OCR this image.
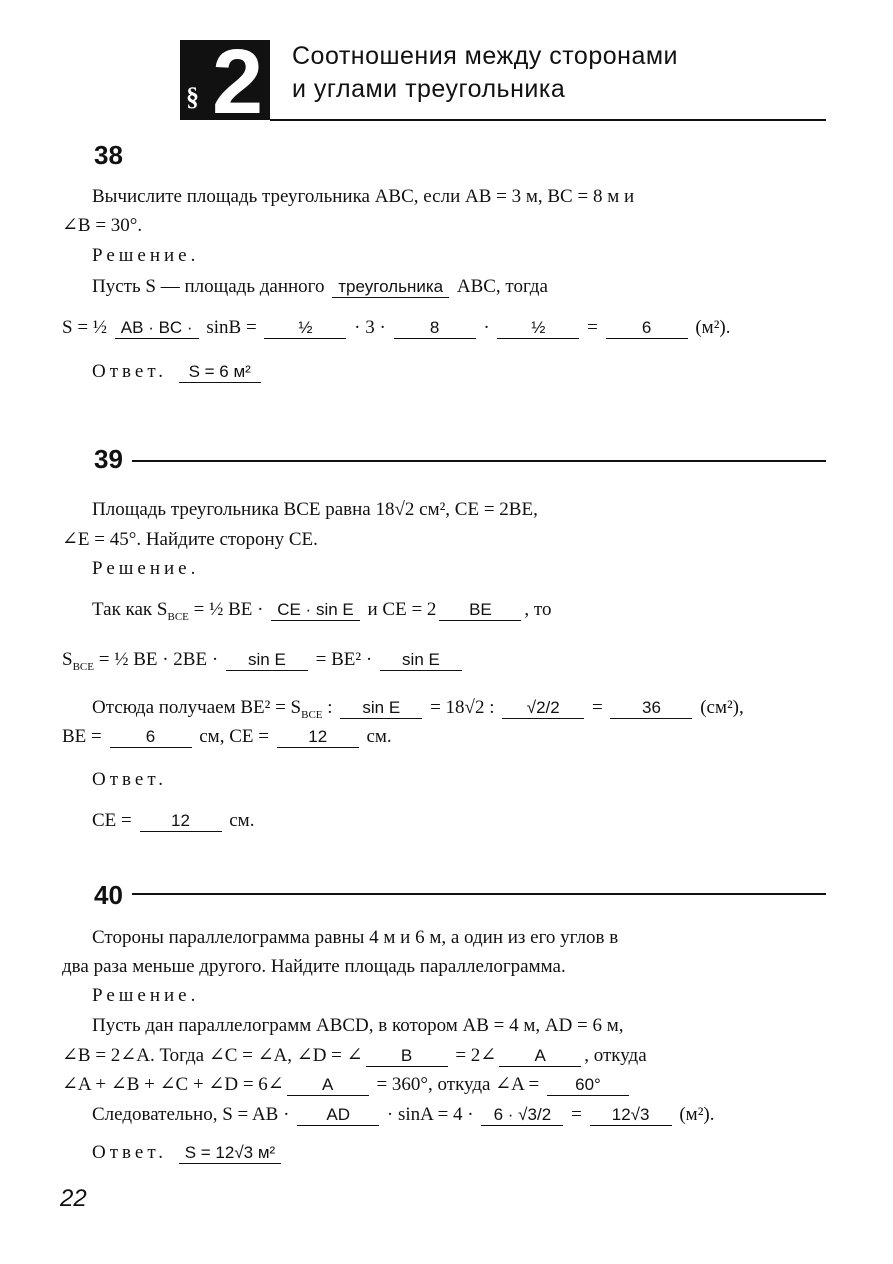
§ 2 Соотношения между сторонами
и углами треугольника
38
Вычислите площадь треугольника ABC, если AB = 3 м, BC = 8 м и
∠B = 30°.
Решение.
Пусть S — площадь данного треугольника ABC, тогда
S = ½ AB · BC · sinB = ½ · 3 · 8 · ½ = 6 (м²).
Ответ. S = 6 м²
39
Площадь треугольника BCE равна 18√2 см², CE = 2BE,
∠E = 45°. Найдите сторону CE.
Решение.
Так как $S_{BCE}$ = ½ BE · CE · sin E и CE = 2 BE , то
$S_{BCE}$ = ½ BE · 2BE · sin E = BE² · sin E
Отсюда получаем $BE^2 = S_{BCE}$ : sin E = 18√2 : √2/2 = 36 (см²),
BE = 6 см, CE = 12 см.
Ответ.
CE = 12 см.
40
Стороны параллелограмма равны 4 м и 6 м, а один из его углов в
два раза меньше другого. Найдите площадь параллелограмма.
Решение.
Пусть дан параллелограмм ABCD, в котором AB = 4 м, AD = 6 м,
∠B = 2∠A. Тогда ∠C = ∠A, ∠D = ∠ B = 2∠ A , откуда
∠A + ∠B + ∠C + ∠D = 6∠ A = 360°, откуда ∠A = 60°
Следовательно, S = AB · AD · sinA = 4 · 6 · √3/2 = 12√3 (м²).
Ответ. S = 12√3 м²
22
